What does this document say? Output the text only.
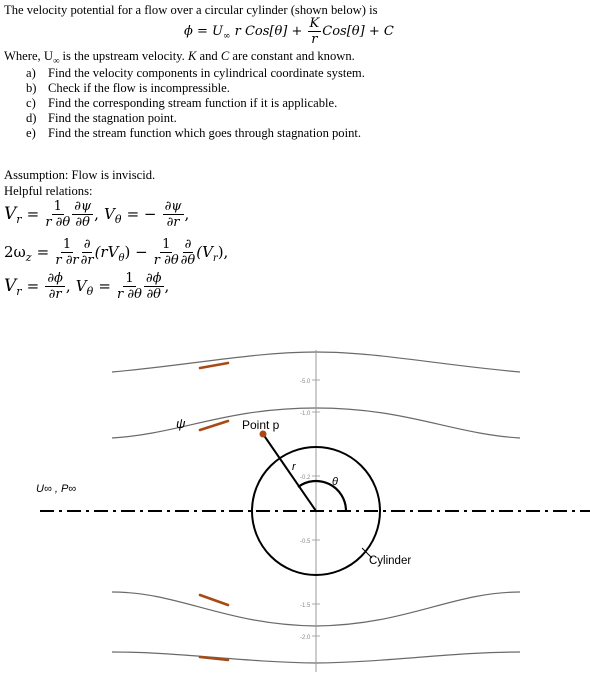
The velocity potential for a flow over a circular cylinder (shown below) is
$\phi = U_\infty$ r $Cos[\theta] + \frac{K}{r} Cos[\theta] + C$
Where, $U_\infty$ is the upstream velocity. K and C are constant and known.
a) Find the velocity components in cylindrical coordinate system.
b) Check if the flow is incompressible.
c) Find the corresponding stream function if it is applicable.
d) Find the stagnation point.
e) Find the stream function which goes through stagnation point.
Assumption: Flow is inviscid.
Helpful relations:
$V_r = \frac{1}{r \partial\theta} \frac{\partial\psi}{\partial\theta}$ , $V_\theta$ = − $\frac{\partial\psi}{\partial r}$ ,
$2\omega_z = \frac{1}{r \partial r} \frac{\partial}{\partial r} (rV_\theta) - \frac{1}{r \partial\theta} \frac{\partial}{\partial\theta} (V_r)$,
$V_r = \frac{\partial\phi}{\partial r}$ , $V_\theta = \frac{1}{r \partial\theta} \frac{\partial\phi}{\partial\theta}$ ,
-5.0
-1.0
-0.2
-0.5
-1.5
-2.0
ψ	Point p
r
θ
Cylinder
U∞ , P∞
